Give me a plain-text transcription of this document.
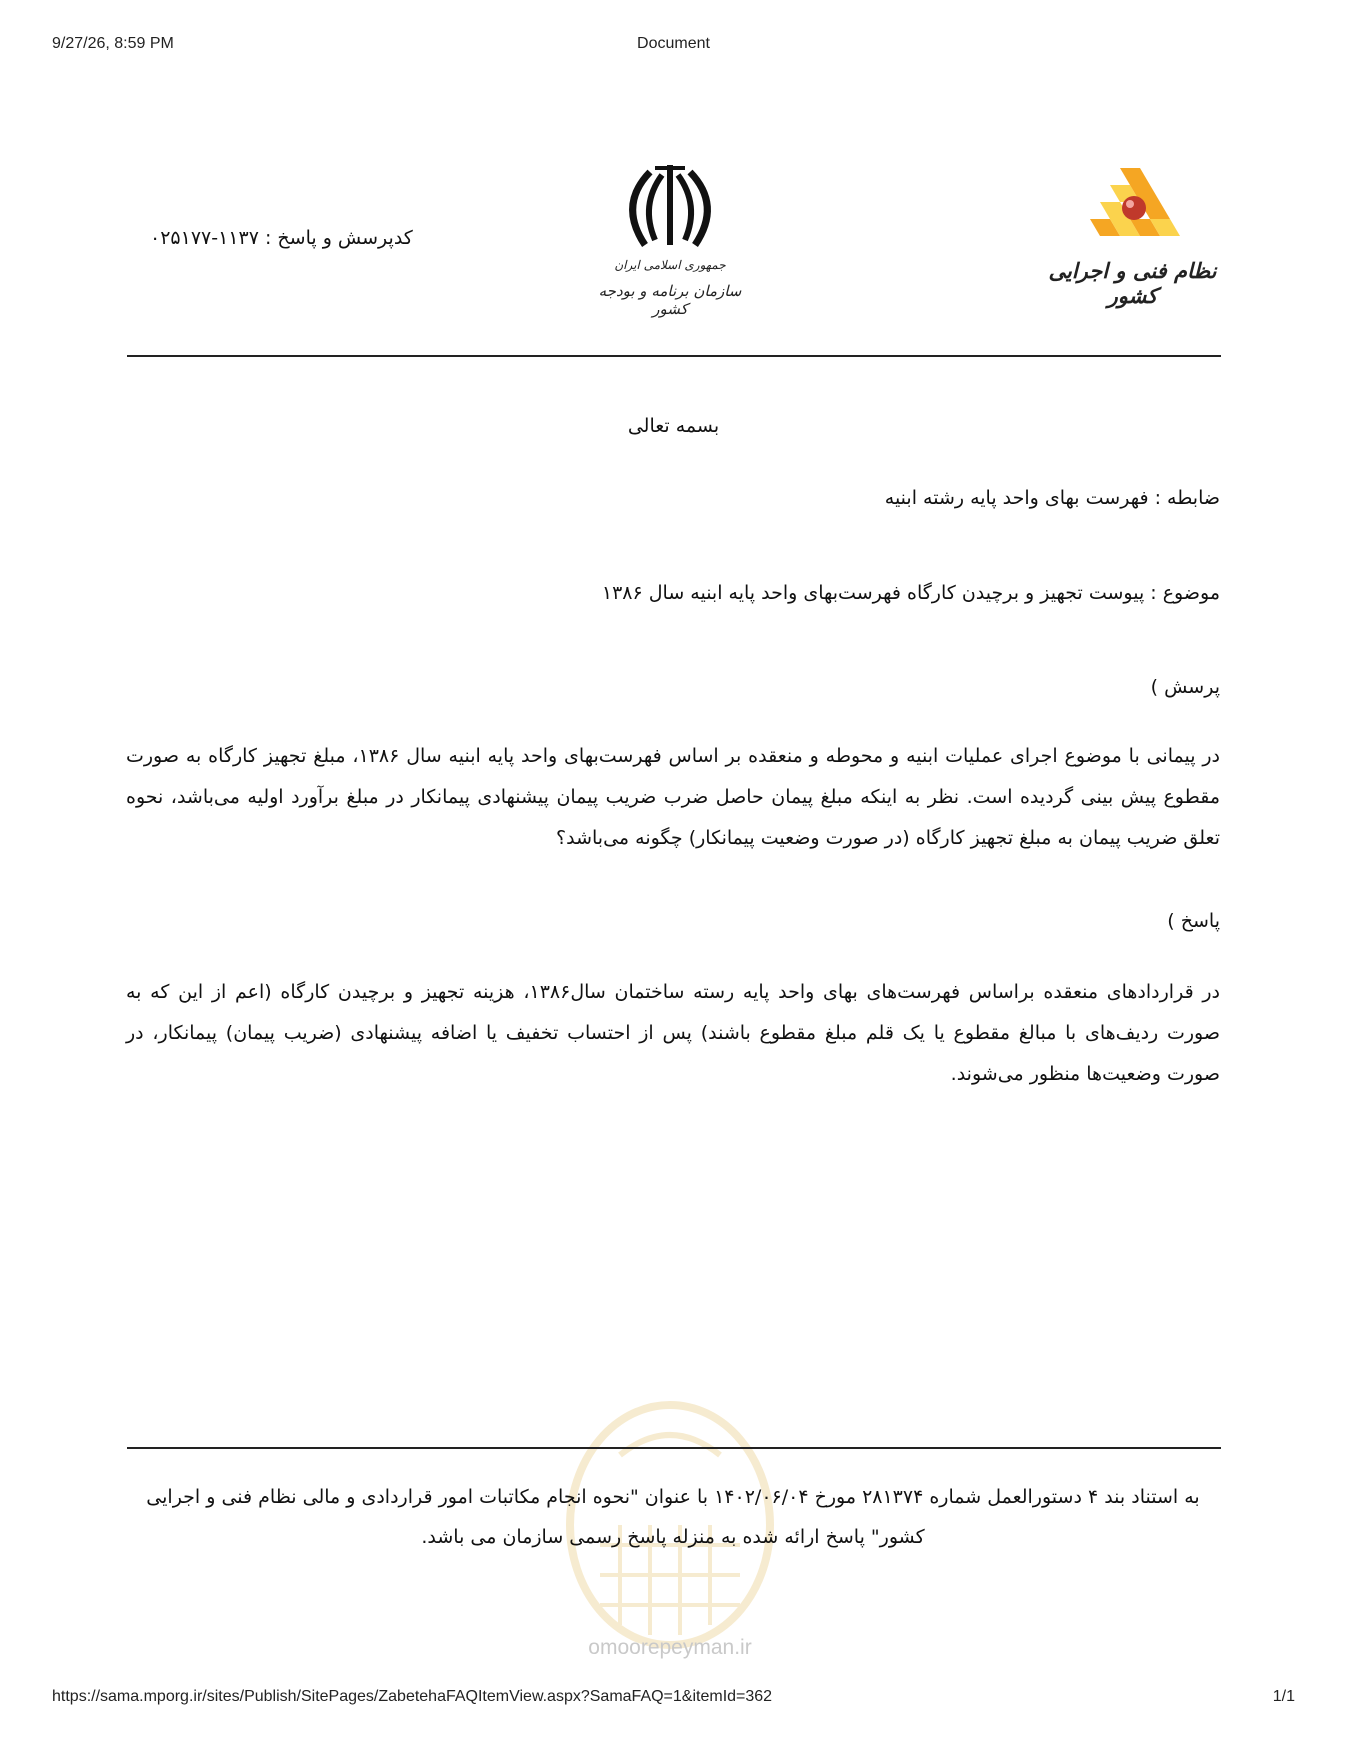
9/27/26, 8:59 PM	Document
نظام فنی و اجرایی کشور
جمهوری اسلامی ایران
سازمان برنامه و بودجه کشور
کدپرسش و پاسخ : ۱۱۳۷-۰۲۵۱۷۷
بسمه تعالی
ضابطه : فهرست بهای واحد پایه رشته ابنیه
موضوع : پیوست تجهیز و برچیدن کارگاه فهرست‌بهای واحد پایه ابنیه سال ۱۳۸۶
پرسش )
در پیمانی با موضوع اجرای عملیات ابنیه و محوطه و منعقده بر اساس فهرست‌بهای واحد پایه ابنیه سال ۱۳۸۶، مبلغ تجهیز کارگاه به صورت مقطوع پیش بینی گردیده است. نظر به اینکه مبلغ پیمان حاصل ضرب ضریب پیمان پیشنهادی پیمانکار در مبلغ برآورد اولیه می‌باشد، نحوه تعلق ضریب پیمان به مبلغ تجهیز کارگاه (در صورت وضعیت پیمانکار) چگونه می‌باشد؟
پاسخ )
در قراردادهای منعقده براساس فهرست‌های بهای واحد پایه رسته ساختمان سال۱۳۸۶، هزینه تجهیز و برچیدن کارگاه (اعم از این که به صورت ردیف‌های با مبالغ مقطوع یا یک قلم مبلغ مقطوع باشند) پس از احتساب تخفیف یا اضافه پیشنهادی (ضریب پیمان) پیمانکار، در صورت وضعیت‌ها منظور می‌شوند.
به استناد بند ۴ دستورالعمل شماره ۲۸۱۳۷۴ مورخ ۱۴۰۲/۰۶/۰۴ با عنوان "نحوه انجام مکاتبات امور قراردادی و مالی نظام فنی و اجرایی کشور" پاسخ ارائه شده به منزله پاسخ رسمی سازمان می باشد.
omoorepeyman.ir
https://sama.mporg.ir/sites/Publish/SitePages/ZabetehaFAQItemView.aspx?SamaFAQ=1&itemId=362	1/1
